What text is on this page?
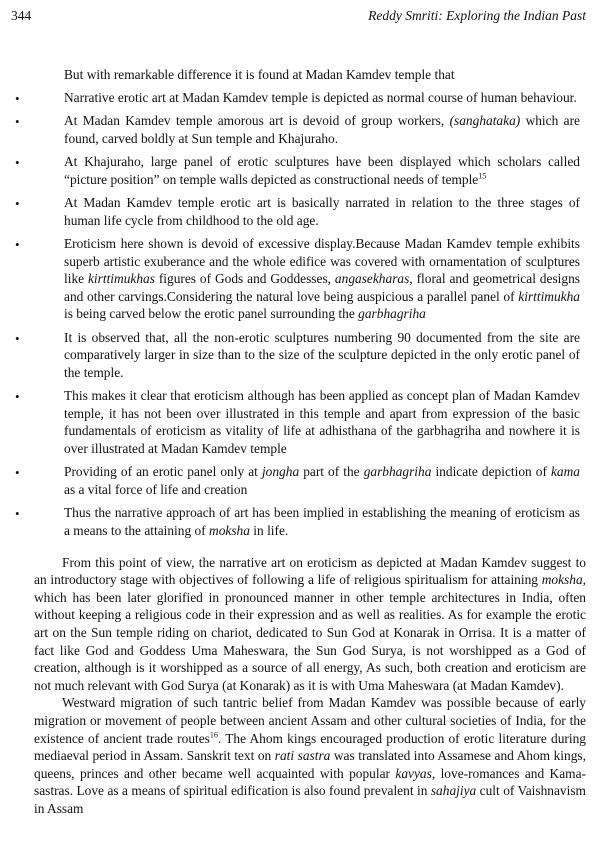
344	Reddy Smriti: Exploring the Indian Past
But with remarkable difference it is found at Madan Kamdev temple that
•	Narrative erotic art at Madan Kamdev temple is depicted as normal course of human behaviour.
•	At Madan Kamdev temple amorous art is devoid of group workers, (sanghataka) which are found, carved boldly at Sun temple and Khajuraho.
•	At Khajuraho, large panel of erotic sculptures have been displayed which scholars called “picture position” on temple walls depicted as constructional needs of temple$^{15}$
•	At Madan Kamdev temple erotic art is basically narrated in relation to the three stages of human life cycle from childhood to the old age.
•	Eroticism here shown is devoid of excessive display.Because Madan Kamdev temple exhibits superb artistic exuberance and the whole edifice was covered with ornamentation of sculptures like kirttimukhas figures of Gods and Goddesses, angasekharas, floral and geometrical designs and other carvings.Considering the natural love being auspicious a parallel panel of kirttimukha is being carved below the erotic panel surrounding the garbhagriha
•	It is observed that, all the non-erotic sculptures numbering 90 documented from the site are comparatively larger in size than to the size of the sculpture depicted in the only erotic panel of the temple.
•	This makes it clear that eroticism although has been applied as concept plan of Madan Kamdev temple, it has not been over illustrated in this temple and apart from expression of the basic fundamentals of eroticism as vitality of life at adhisthana of the garbhagriha and nowhere it is over illustrated at Madan Kamdev temple
•	Providing of an erotic panel only at jongha part of the garbhagriha indicate depiction of kama as a vital force of life and creation
•	Thus the narrative approach of art has been implied in establishing the meaning of eroticism as a means to the attaining of moksha in life.

From this point of view, the narrative art on eroticism as depicted at Madan Kamdev suggest to an introductory stage with objectives of following a life of religious spiritualism for attaining moksha, which has been later glorified in pronounced manner in other temple architectures in India, often without keeping a religious code in their expression and as well as realities. As for example the erotic art on the Sun temple riding on chariot, dedicated to Sun God at Konarak in Orrisa. It is a matter of fact like God and Goddess Uma Maheswara, the Sun God Surya, is not worshipped as a God of creation, although is it worshipped as a source of all energy, As such, both creation and eroticism are not much relevant with God Surya (at Konarak) as it is with Uma Maheswara (at Madan Kamdev).

Westward migration of such tantric belief from Madan Kamdev was possible because of early migration or movement of people between ancient Assam and other cultural societies of India, for the existence of ancient trade routes$^{16}$. The Ahom kings encouraged production of erotic literature during mediaeval period in Assam. Sanskrit text on rati sastra was translated into Assamese and Ahom kings, queens, princes and other became well acquainted with popular kavyas, love-romances and Kama-sastras. Love as a means of spiritual edification is also found prevalent in sahajiya cult of Vaishnavism in Assam
